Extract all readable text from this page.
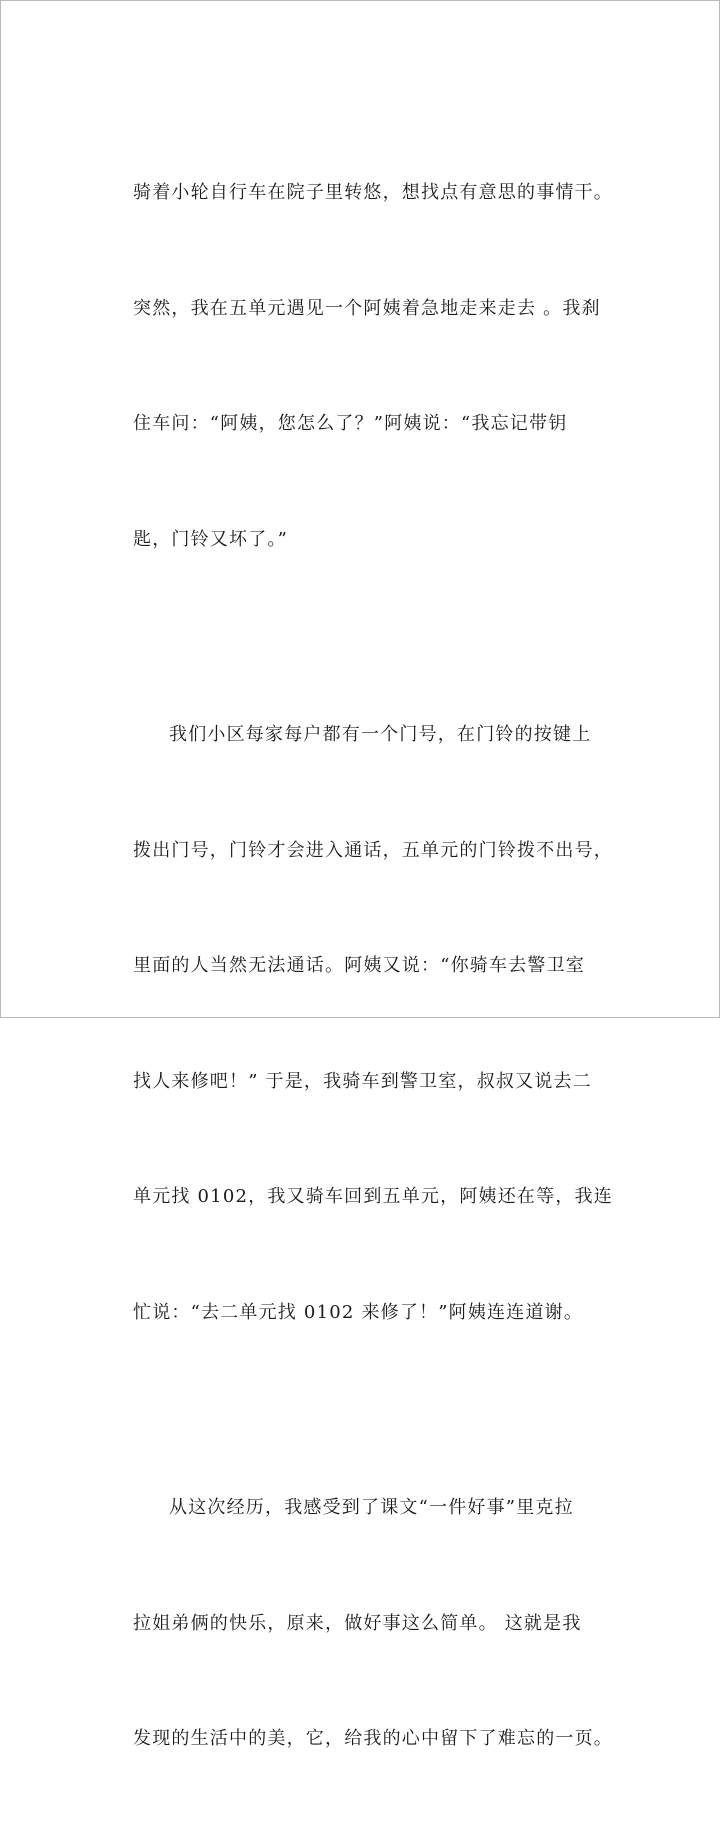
骑着小轮自行车在院子里转悠，想找点有意思的事情干。

突然，我在五单元遇见一个阿姨着急地走来走去 。我刹

住车问：“阿姨，您怎么了？”阿姨说：“我忘记带钥

匙，门铃又坏了。”

我们小区每家每户都有一个门号，在门铃的按键上

拨出门号，门铃才会进入通话，五单元的门铃拨不出号，

里面的人当然无法通话。阿姨又说：“你骑车去警卫室

找人来修吧！” 于是，我骑车到警卫室，叔叔又说去二

单元找 0102，我又骑车回到五单元，阿姨还在等，我连

忙说：“去二单元找 0102 来修了！”阿姨连连道谢。

从这次经历，我感受到了课文“一件好事”里克拉

拉姐弟俩的快乐，原来，做好事这么简单。 这就是我

发现的生活中的美，它，给我的心中留下了难忘的一页。
